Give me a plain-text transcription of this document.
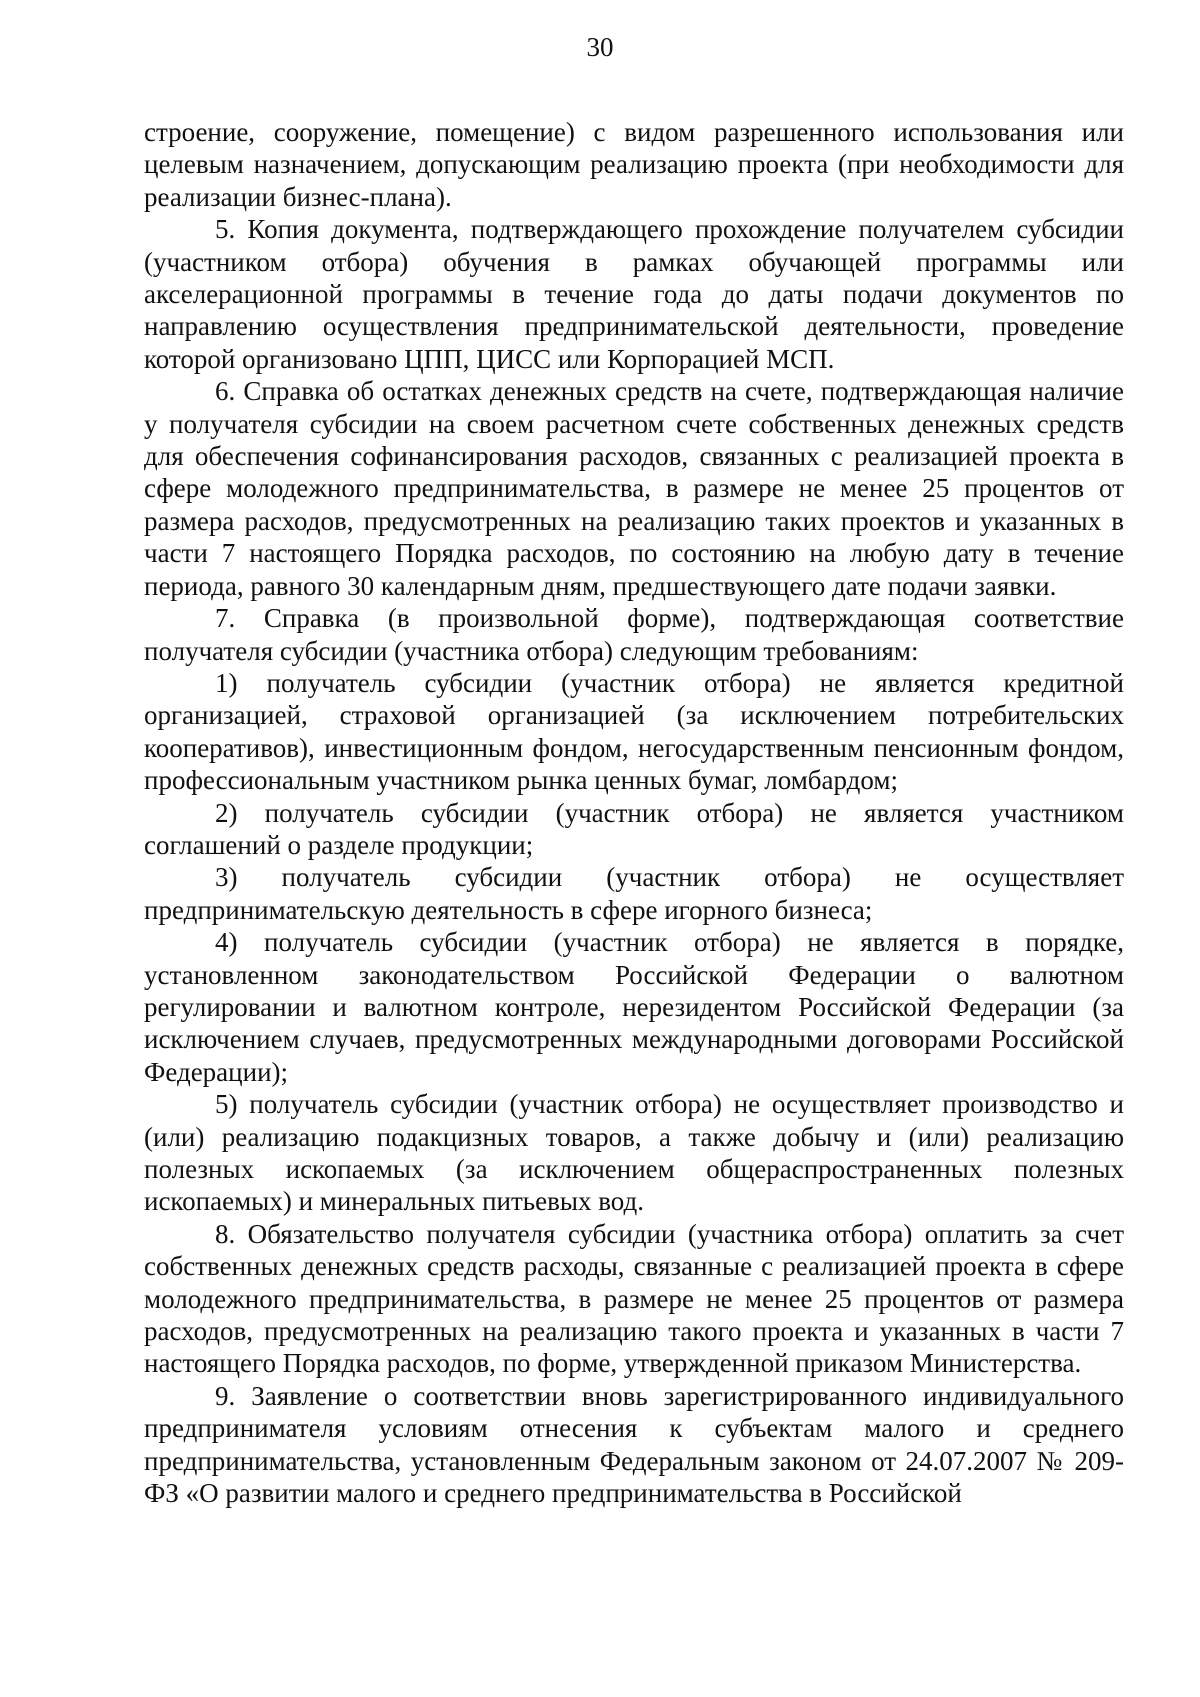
30

строение, сооружение, помещение) с видом разрешенного использования или целевым назначением, допускающим реализацию проекта (при необходимости для реализации бизнес-плана).

5. Копия документа, подтверждающего прохождение получателем субсидии (участником отбора) обучения в рамках обучающей программы или акселерационной программы в течение года до даты подачи документов по направлению осуществления предпринимательской деятельности, проведение которой организовано ЦПП, ЦИСС или Корпорацией МСП.

6. Справка об остатках денежных средств на счете, подтверждающая наличие у получателя субсидии на своем расчетном счете собственных денежных средств для обеспечения софинансирования расходов, связанных с реализацией проекта в сфере молодежного предпринимательства, в размере не менее 25 процентов от размера расходов, предусмотренных на реализацию таких проектов и указанных в части 7 настоящего Порядка расходов, по состоянию на любую дату в течение периода, равного 30 календарным дням, предшествующего дате подачи заявки.

7. Справка (в произвольной форме), подтверждающая соответствие получателя субсидии (участника отбора) следующим требованиям:

1) получатель субсидии (участник отбора) не является кредитной организацией, страховой организацией (за исключением потребительских кооперативов), инвестиционным фондом, негосударственным пенсионным фондом, профессиональным участником рынка ценных бумаг, ломбардом;

2) получатель субсидии (участник отбора) не является участником соглашений о разделе продукции;

3) получатель субсидии (участник отбора) не осуществляет предпринимательскую деятельность в сфере игорного бизнеса;

4) получатель субсидии (участник отбора) не является в порядке, установленном законодательством Российской Федерации о валютном регулировании и валютном контроле, нерезидентом Российской Федерации (за исключением случаев, предусмотренных международными договорами Российской Федерации);

5) получатель субсидии (участник отбора) не осуществляет производство и (или) реализацию подакцизных товаров, а также добычу и (или) реализацию полезных ископаемых (за исключением общераспространенных полезных ископаемых) и минеральных питьевых вод.

8. Обязательство получателя субсидии (участника отбора) оплатить за счет собственных денежных средств расходы, связанные с реализацией проекта в сфере молодежного предпринимательства, в размере не менее 25 процентов от размера расходов, предусмотренных на реализацию такого проекта и указанных в части 7 настоящего Порядка расходов, по форме, утвержденной приказом Министерства.

9. Заявление о соответствии вновь зарегистрированного индивидуального предпринимателя условиям отнесения к субъектам малого и среднего предпринимательства, установленным Федеральным законом от 24.07.2007 № 209-ФЗ «О развитии малого и среднего предпринимательства в Российской
